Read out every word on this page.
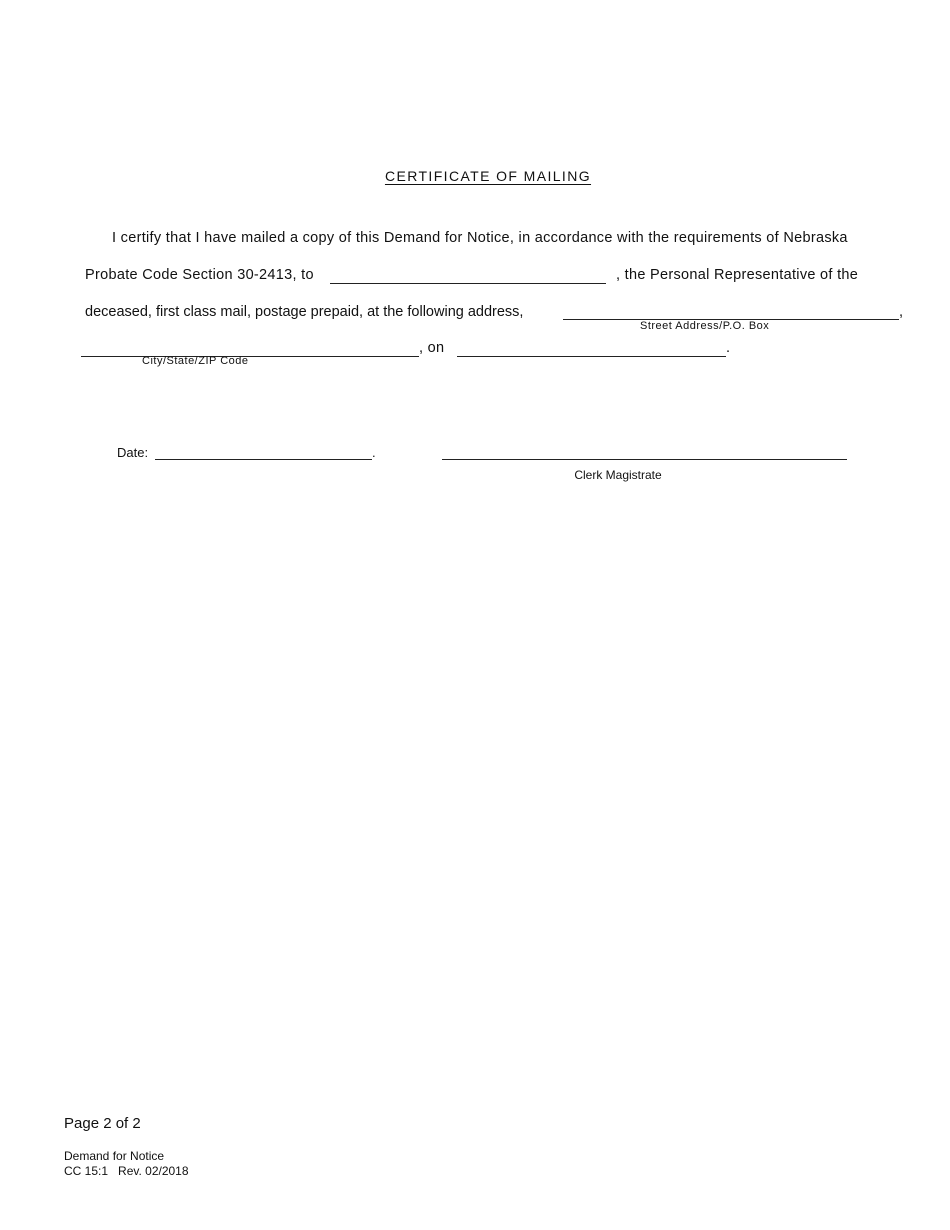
CERTIFICATE OF MAILING
I certify that I have mailed a copy of this Demand for Notice, in accordance with the requirements of Nebraska
Probate Code Section 30-2413, to	, the Personal Representative of the
deceased, first class mail, postage prepaid, at the following address,	,
Street Address/P.O. Box
, on	.
City/State/ZIP Code
Date:	.
Clerk Magistrate
Page 2 of 2
Demand for Notice
CC 15:1   Rev. 02/2018
